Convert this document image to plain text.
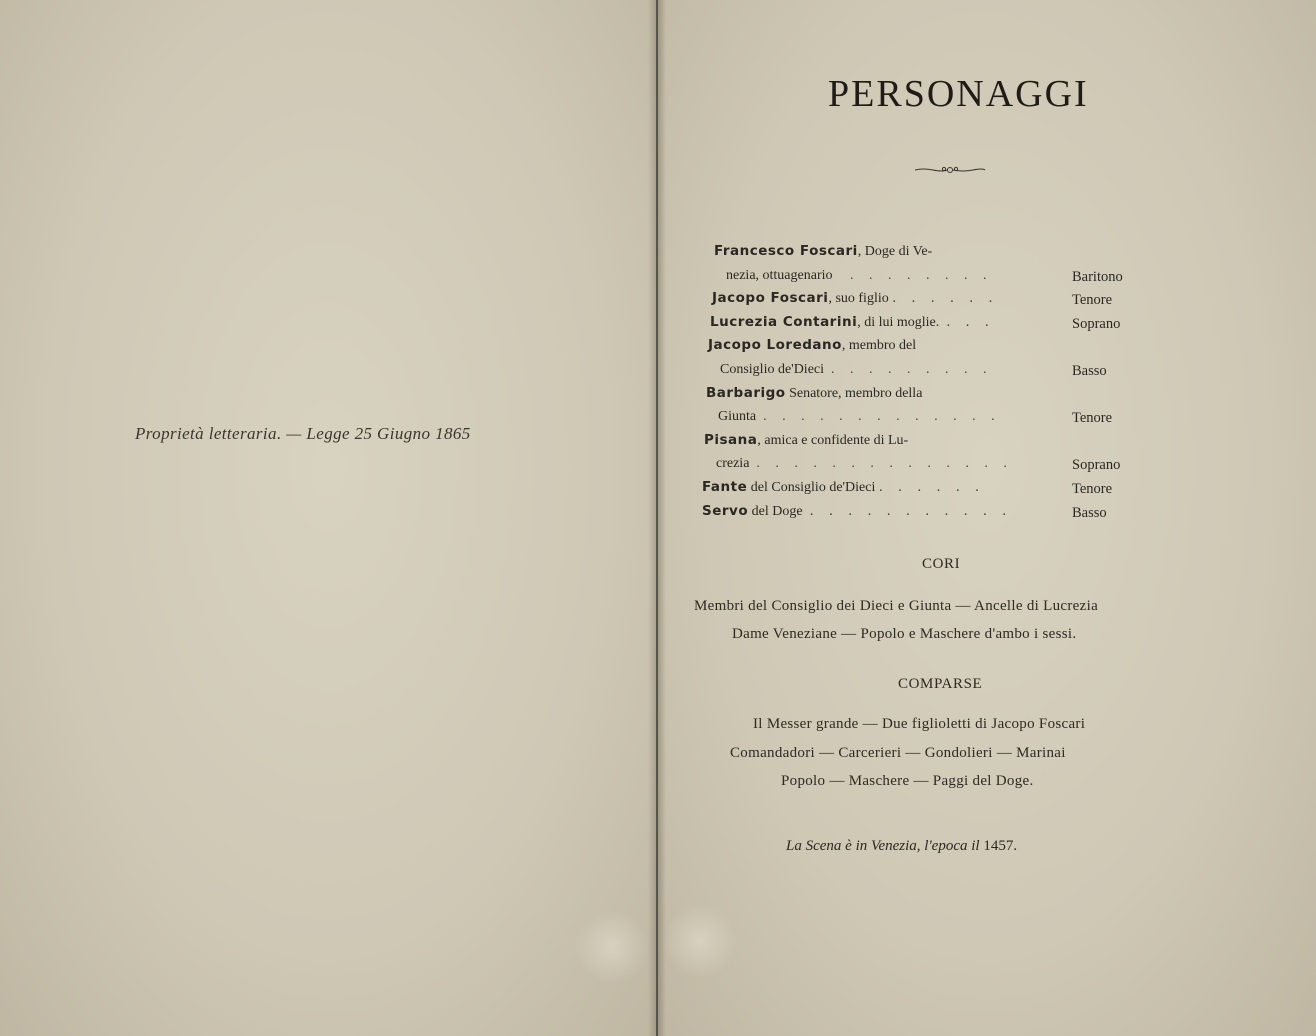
Proprietà letteraria. — Legge 25 Giugno 1865
PERSONAGGI
Francesco Foscari, Doge di Ve-
nezia, ottuagenario . . . . . . . .	Baritono
Jacopo Foscari, suo figlio . . . . . .	Tenore
Lucrezia Contarini, di lui moglie. . . .	Soprano
Jacopo Loredano, membro del
Consiglio de'Dieci . . . . . . . . .	Basso
Barbarigo Senatore, membro della
Giunta . . . . . . . . . . . . .	Tenore
Pisana, amica e confidente di Lu-
crezia . . . . . . . . . . . . . .	Soprano
Fante del Consiglio de'Dieci . . . . . .	Tenore
Servo del Doge . . . . . . . . . . .	Basso
CORI
Membri del Consiglio dei Dieci e Giunta — Ancelle di Lucrezia
Dame Veneziane — Popolo e Maschere d'ambo i sessi.
COMPARSE
Il Messer grande — Due figlioletti di Jacopo Foscari
Comandadori — Carcerieri — Gondolieri — Marinai
Popolo — Maschere — Paggi del Doge.
La Scena è in Venezia, l'epoca il 1457.
